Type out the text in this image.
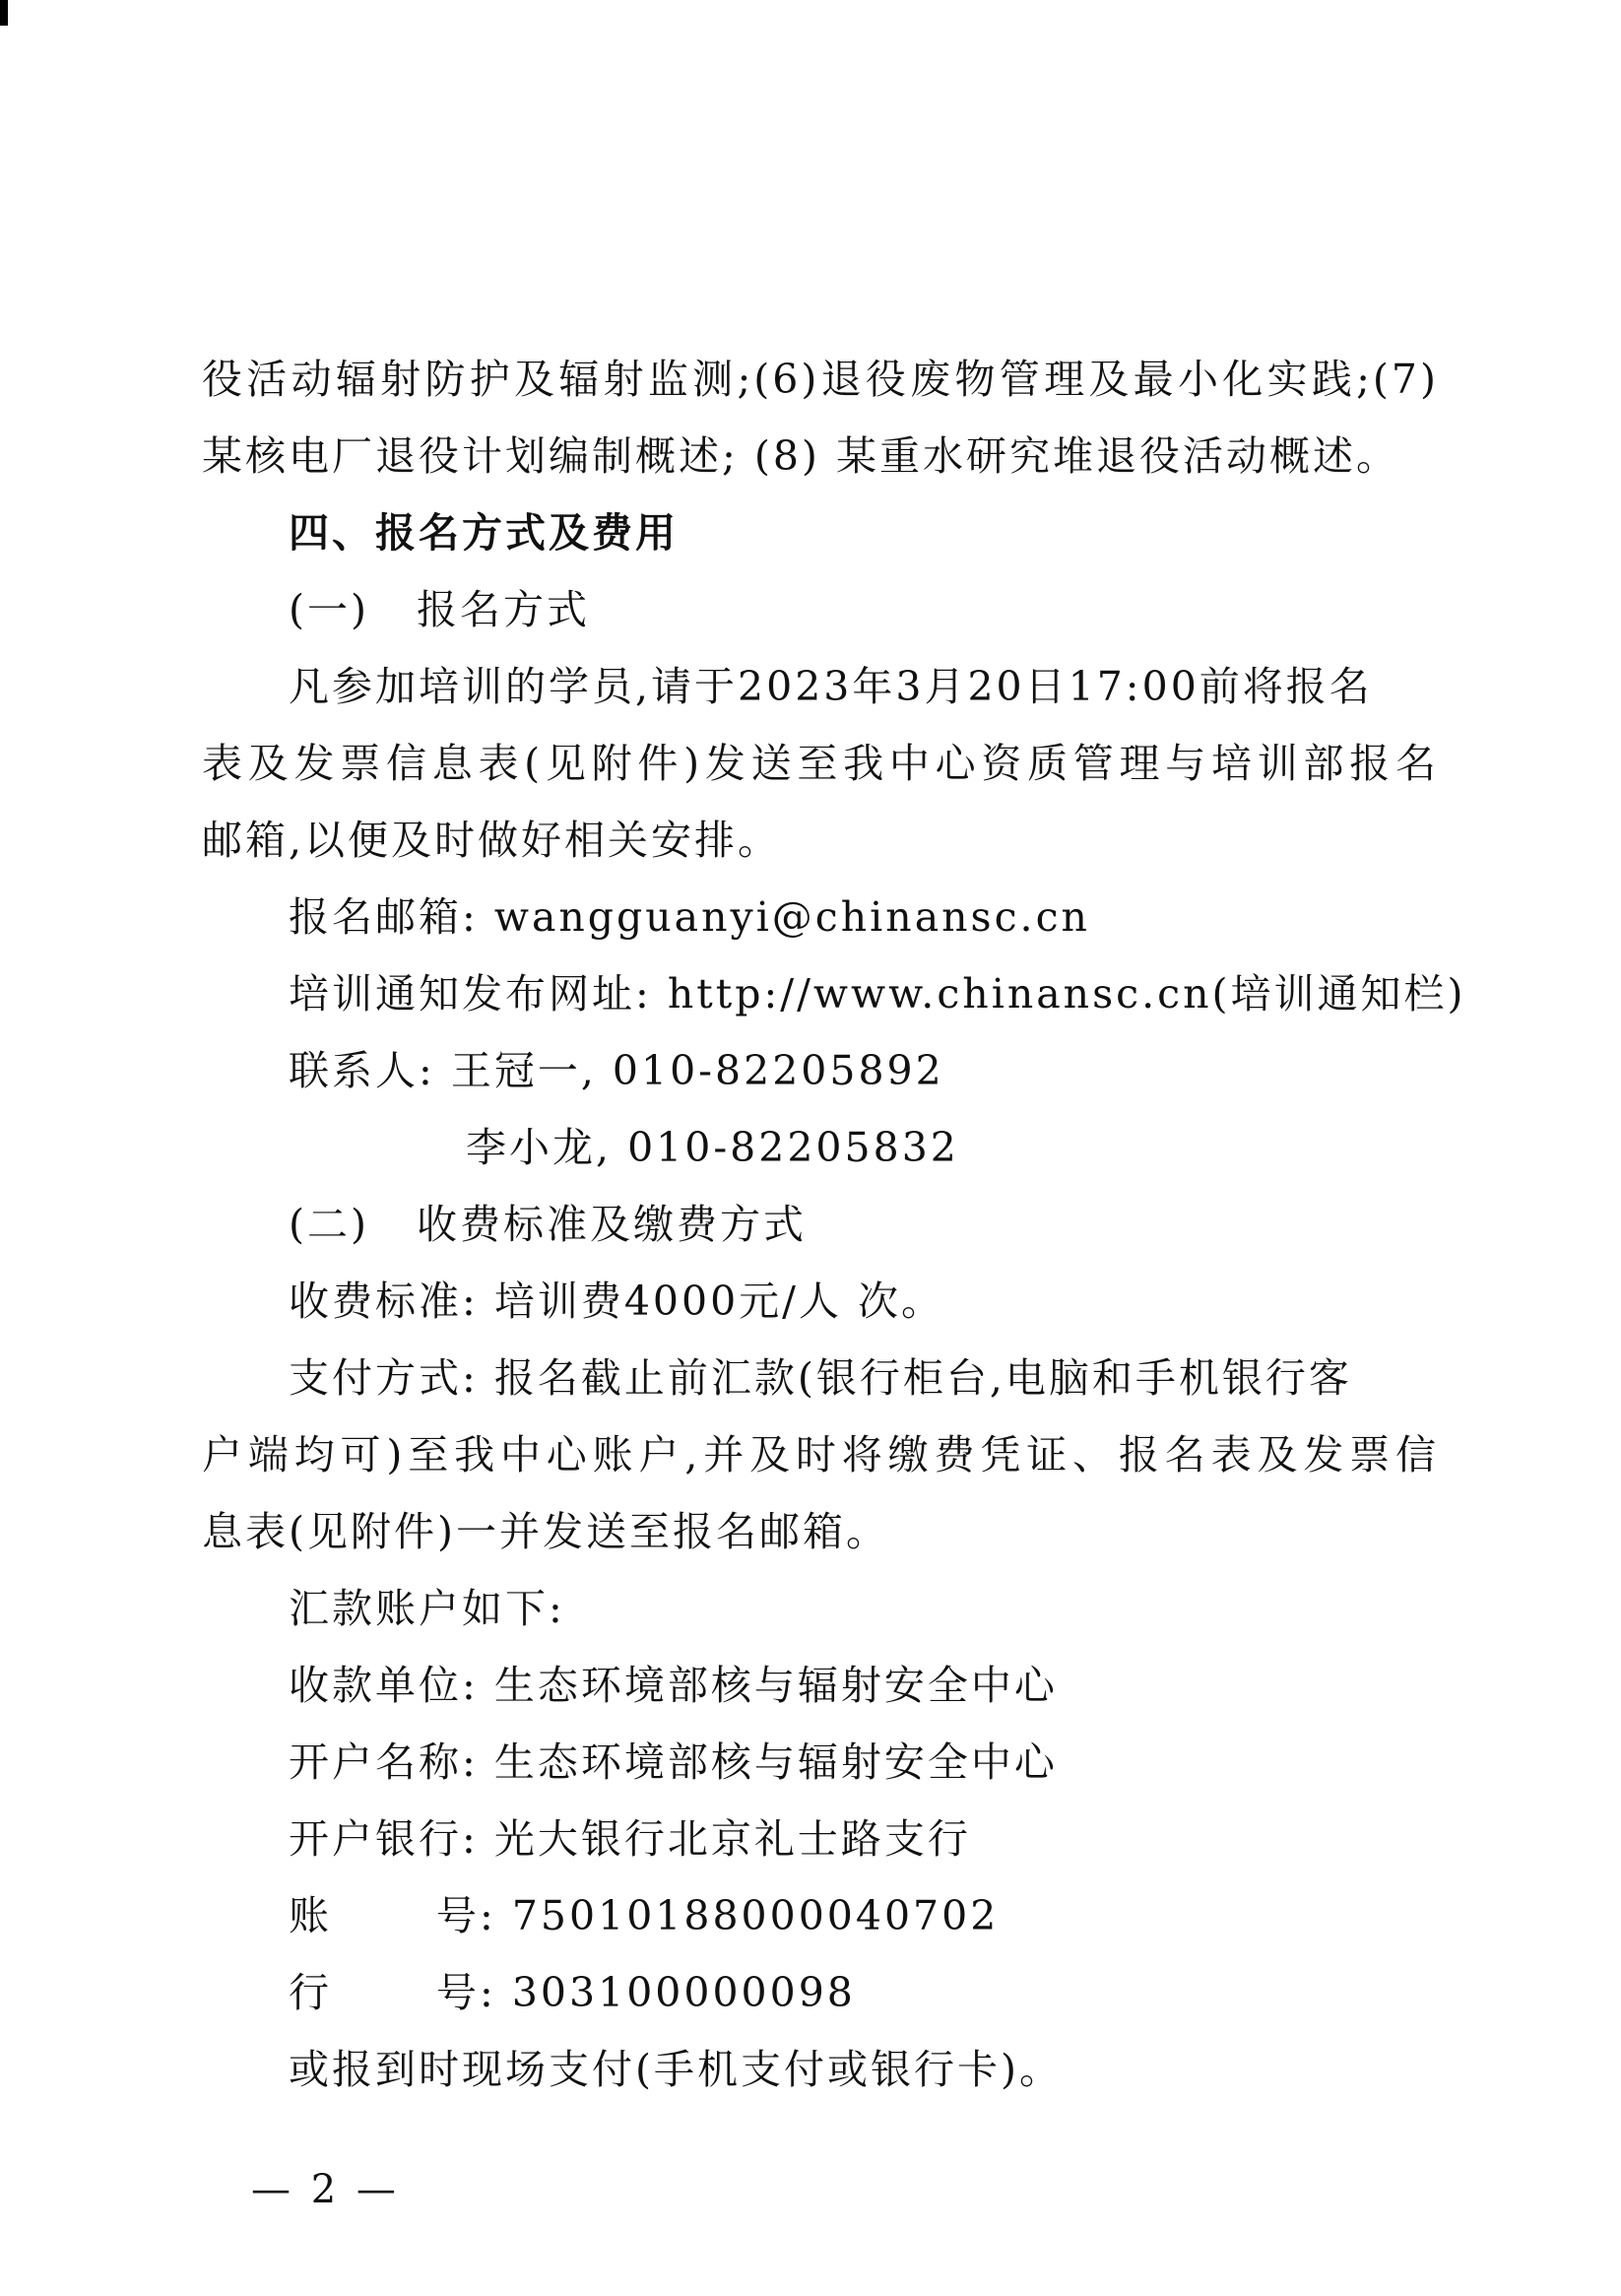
役活动辐射防护及辐射监测;(6)退役废物管理及最小化实践;(7)
某核电厂退役计划编制概述; (8) 某重水研究堆退役活动概述。
四、报名方式及费用
(一) 报名方式
凡参加培训的学员,请于2023年3月20日17:00前将报名
表及发票信息表(见附件)发送至我中心资质管理与培训部报名
邮箱,以便及时做好相关安排。
报名邮箱: wangguanyi@chinansc.cn
培训通知发布网址: http://www.chinansc.cn(培训通知栏)
联系人: 王冠一, 010-82205892
李小龙, 010-82205832
(二) 收费标准及缴费方式
收费标准: 培训费4000元/人 次。
支付方式: 报名截止前汇款(银行柜台,电脑和手机银行客
户端均可)至我中心账户,并及时将缴费凭证、报名表及发票信
息表(见附件)一并发送至报名邮箱。
汇款账户如下:
收款单位: 生态环境部核与辐射安全中心
开户名称: 生态环境部核与辐射安全中心
开户银行: 光大银行北京礼士路支行
账	号: 75010188000040702
行	号: 303100000098
或报到时现场支付(手机支付或银行卡)。
— 2 —
